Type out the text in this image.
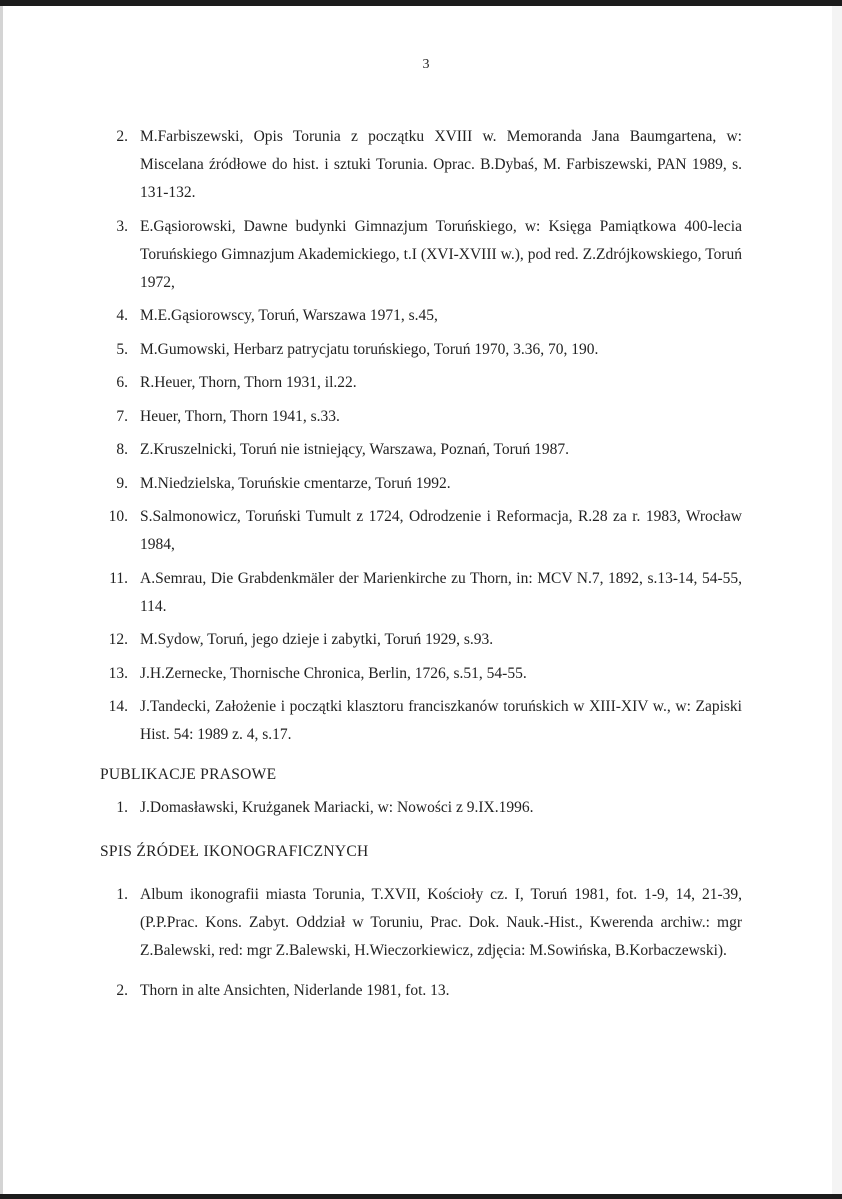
3
2. M.Farbiszewski, Opis Torunia z początku XVIII w. Memoranda Jana Baumgartena, w: Miscelana źródłowe do hist. i sztuki Torunia. Oprac. B.Dybaś, M. Farbiszewski, PAN 1989, s. 131-132.
3. E.Gąsiorowski, Dawne budynki Gimnazjum Toruńskiego, w: Księga Pamiątkowa 400-lecia Toruńskiego Gimnazjum Akademickiego, t.I (XVI-XVIII w.), pod red. Z.Zdrójkowskiego, Toruń 1972,
4. M.E.Gąsiorowscy, Toruń, Warszawa 1971, s.45,
5. M.Gumowski, Herbarz patrycjatu toruńskiego, Toruń 1970, 3.36, 70, 190.
6. R.Heuer, Thorn, Thorn 1931, il.22.
7. Heuer, Thorn, Thorn 1941, s.33.
8. Z.Kruszelnicki, Toruń nie istniejący, Warszawa, Poznań, Toruń 1987.
9. M.Niedzielska, Toruńskie cmentarze, Toruń 1992.
10. S.Salmonowicz, Toruński Tumult z 1724, Odrodzenie i Reformacja, R.28 za r. 1983, Wrocław 1984,
11. A.Semrau, Die Grabdenkmäler der Marienkirche zu Thorn, in: MCV N.7, 1892, s.13-14, 54-55, 114.
12. M.Sydow, Toruń, jego dzieje i zabytki, Toruń 1929, s.93.
13. J.H.Zernecke, Thornische Chronica, Berlin, 1726, s.51, 54-55.
14. J.Tandecki, Założenie i początki klasztoru franciszkanów toruńskich w XIII-XIV w., w: Zapiski Hist. 54: 1989 z. 4, s.17.
PUBLIKACJE PRASOWE
1. J.Domasławski, Krużganek Mariacki, w: Nowości z 9.IX.1996.
SPIS ŹRÓDEŁ IKONOGRAFICZNYCH
1. Album ikonografii miasta Torunia, T.XVII, Kościoły cz. I, Toruń 1981, fot. 1-9, 14, 21-39, (P.P.Prac. Kons. Zabyt. Oddział w Toruniu, Prac. Dok. Nauk.-Hist., Kwerenda archiw.: mgr Z.Balewski, red: mgr Z.Balewski, H.Wieczorkiewicz, zdjęcia: M.Sowińska, B.Korbaczewski).
2. Thorn in alte Ansichten, Niderlande 1981, fot. 13.
